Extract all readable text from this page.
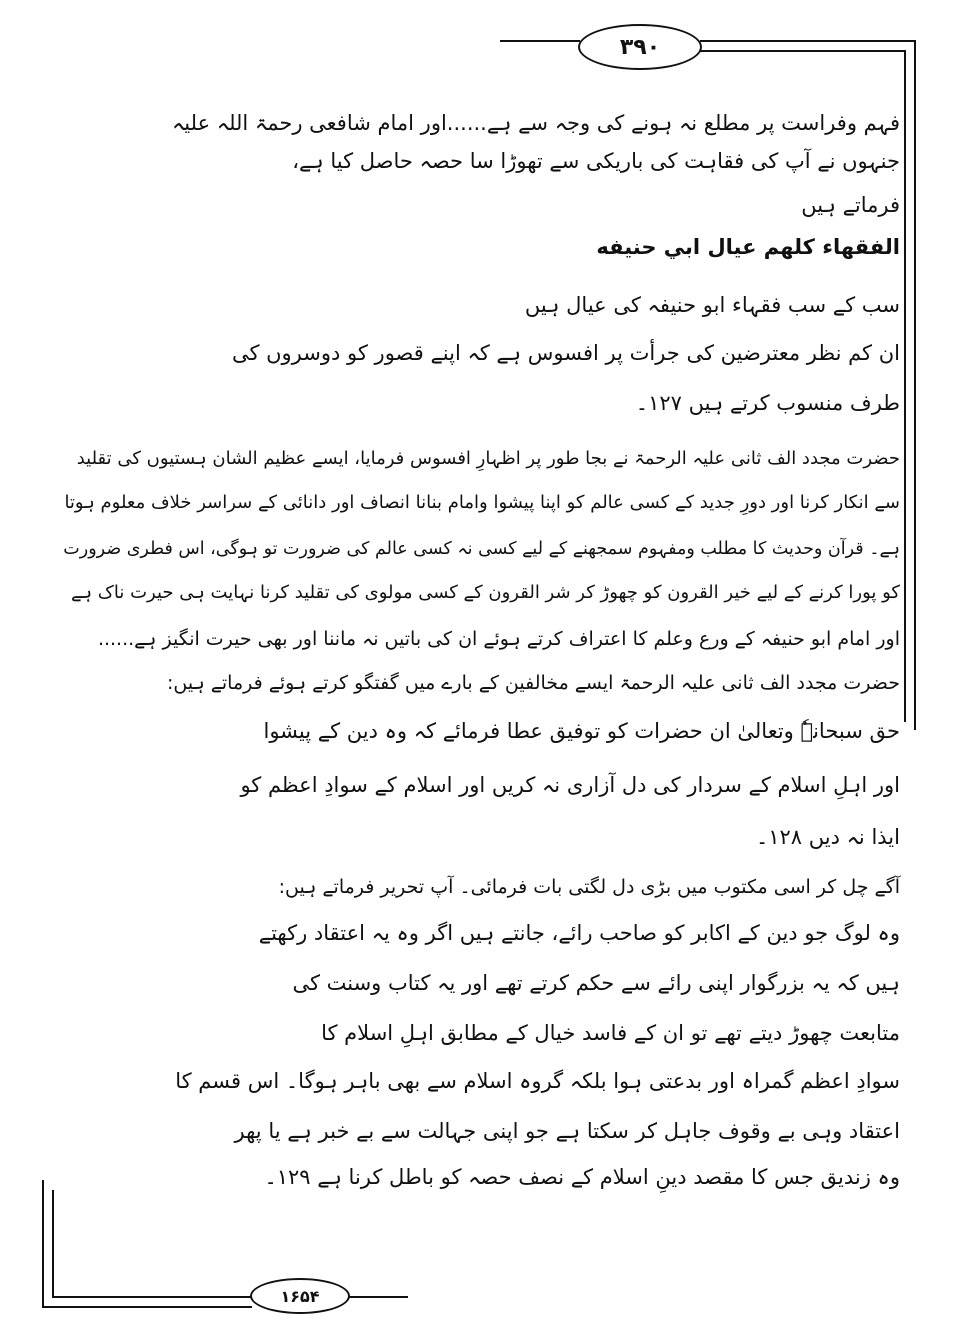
۳۹۰
۱۶۵۴
فہم وفراست پر مطلع نہ ہونے کی وجہ سے ہے......اور امام شافعی رحمۃ اللہ علیہ
جنہوں نے آپ کی فقاہت کی باریکی سے تھوڑا سا حصہ حاصل کیا ہے،
فرماتے ہیں
الفقهاء كلهم عيال ابي حنيفه
سب کے سب فقہاء ابو حنیفہ کی عیال ہیں
ان کم نظر معترضین کی جرأت پر افسوس ہے کہ اپنے قصور کو دوسروں کی
طرف منسوب کرتے ہیں ۱۲۷۔
حضرت مجدد الف ثانی علیہ الرحمۃ نے بجا طور پر اظہارِ افسوس فرمایا، ایسے عظیم الشان ہستیوں کی تقلید
سے انکار کرنا اور دورِ جدید کے کسی عالم کو اپنا پیشوا وامام بنانا انصاف اور دانائی کے سراسر خلاف معلوم ہوتا
ہے۔ قرآن وحدیث کا مطلب ومفہوم سمجھنے کے لیے کسی نہ کسی عالم کی ضرورت تو ہوگی، اس فطری ضرورت
کو پورا کرنے کے لیے خیر القرون کو چھوڑ کر شر القرون کے کسی مولوی کی تقلید کرنا نہایت ہی حیرت ناک ہے
اور امام ابو حنیفہ کے ورع وعلم کا اعتراف کرتے ہوئے ان کی باتیں نہ ماننا اور بھی حیرت انگیز ہے......
حضرت مجدد الف ثانی علیہ الرحمۃ ایسے مخالفین کے بارے میں گفتگو کرتے ہوئے فرماتے ہیں:
حق سبحانہٗ وتعالیٰ ان حضرات کو توفیق عطا فرمائے کہ وہ دین کے پیشوا
اور اہلِ اسلام کے سردار کی دل آزاری نہ کریں اور اسلام کے سوادِ اعظم کو
ایذا نہ دیں ۱۲۸۔
آگے چل کر اسی مکتوب میں بڑی دل لگتی بات فرمائی۔ آپ تحریر فرماتے ہیں:
وہ لوگ جو دین کے اکابر کو صاحب رائے، جانتے ہیں اگر وہ یہ اعتقاد رکھتے
ہیں کہ یہ بزرگوار اپنی رائے سے حکم کرتے تھے اور یہ کتاب وسنت کی
متابعت چھوڑ دیتے تھے تو ان کے فاسد خیال کے مطابق اہلِ اسلام کا
سوادِ اعظم گمراہ اور بدعتی ہوا بلکہ گروہ اسلام سے بھی باہر ہوگا۔ اس قسم کا
اعتقاد وہی بے وقوف جاہل کر سکتا ہے جو اپنی جہالت سے بے خبر ہے یا پھر
وہ زندیق جس کا مقصد دینِ اسلام کے نصف حصہ کو باطل کرنا ہے ۱۲۹۔
